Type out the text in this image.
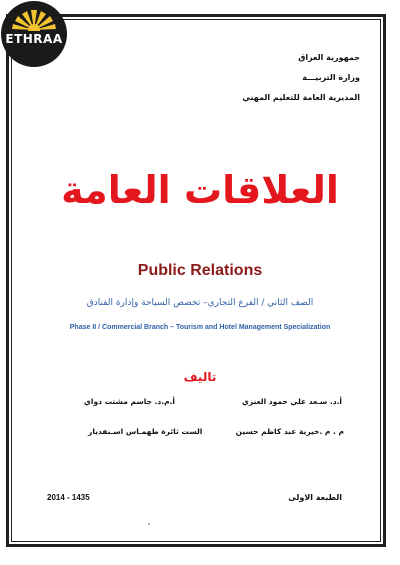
ETHRAA
جمهورية العراق
وزارة التربيـــة
المديرية العامة للتعليم المهني
العلاقات العامة
Public Relations
الصف الثاني / الفرع التجاري– تخصص السياحة وإدارة الفنادق
Phase II / Commercial Branch – Tourism and Hotel Management Specialization
تاليف
أ.د. سـعد علي حمود العنزي
أ.م.د. جاسم مشتت دواي
م . م .خيرية عبد كاظم حسين
الست ثائرة طهمـاس اسـنفديار
الطبعة الاولى
2014 - 1435
